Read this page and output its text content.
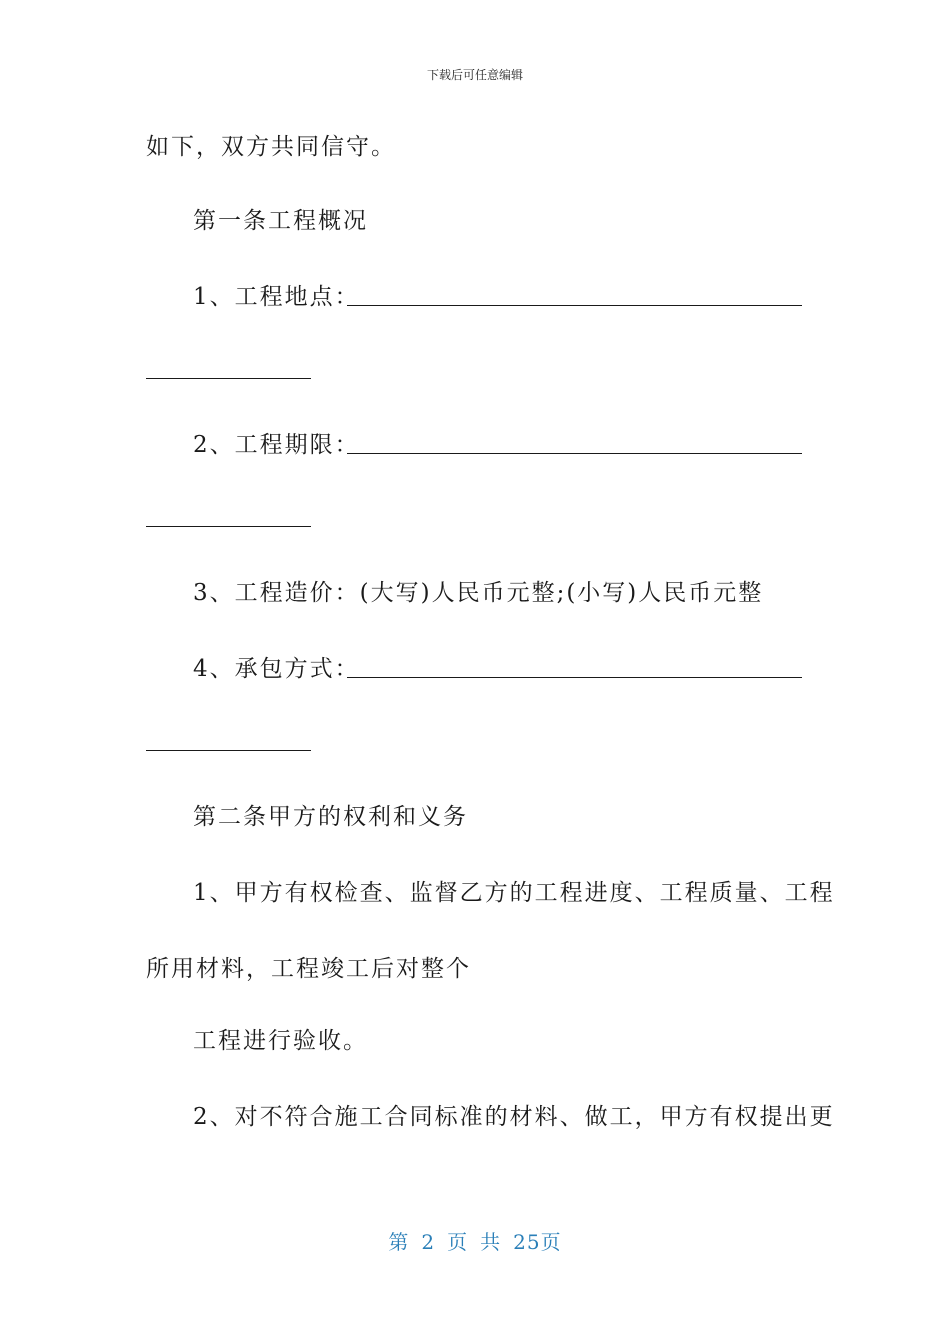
下载后可任意编辑
如下，双方共同信守。
第一条工程概况
1、工程地点：
2、工程期限：
3、工程造价：(大写)人民币元整;(小写)人民币元整
4、承包方式：
第二条甲方的权利和义务
1、甲方有权检查、监督乙方的工程进度、工程质量、工程
所用材料，工程竣工后对整个
工程进行验收。
2、对不符合施工合同标准的材料、做工，甲方有权提出更
第 2 页 共 25页
